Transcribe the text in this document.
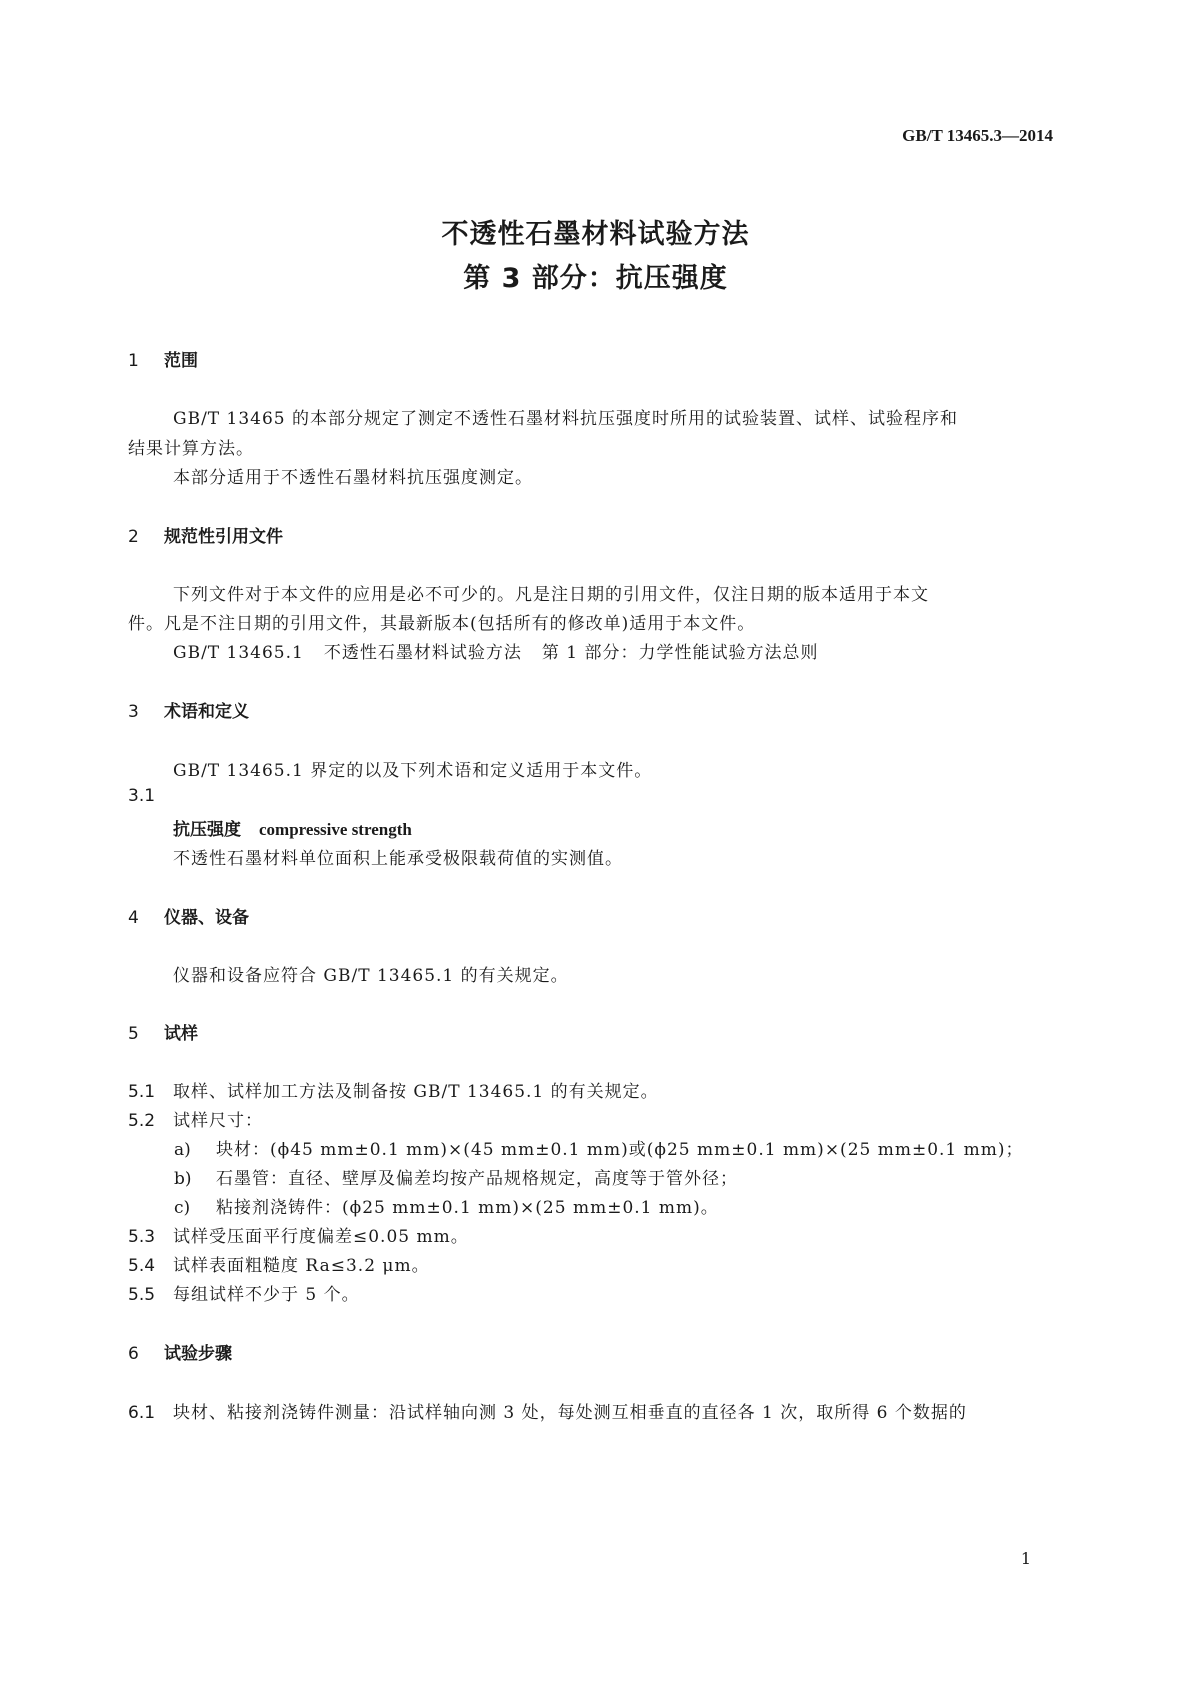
GB/T 13465.3—2014
不透性石墨材料试验方法
第 3 部分：抗压强度
1 范围
GB/T 13465 的本部分规定了测定不透性石墨材料抗压强度时所用的试验装置、试样、试验程序和
结果计算方法。
本部分适用于不透性石墨材料抗压强度测定。
2 规范性引用文件
下列文件对于本文件的应用是必不可少的。凡是注日期的引用文件，仅注日期的版本适用于本文
件。凡是不注日期的引用文件，其最新版本(包括所有的修改单)适用于本文件。
GB/T 13465.1 不透性石墨材料试验方法 第 1 部分：力学性能试验方法总则
3 术语和定义
GB/T 13465.1 界定的以及下列术语和定义适用于本文件。
3.1
抗压强度 compressive strength
不透性石墨材料单位面积上能承受极限载荷值的实测值。
4 仪器、设备
仪器和设备应符合 GB/T 13465.1 的有关规定。
5 试样
5.1 取样、试样加工方法及制备按 GB/T 13465.1 的有关规定。
5.2 试样尺寸：
a) 块材：(ϕ45 mm±0.1 mm)×(45 mm±0.1 mm)或(ϕ25 mm±0.1 mm)×(25 mm±0.1 mm)；
b) 石墨管：直径、壁厚及偏差均按产品规格规定，高度等于管外径；
c) 粘接剂浇铸件：(ϕ25 mm±0.1 mm)×(25 mm±0.1 mm)。
5.3 试样受压面平行度偏差≤0.05 mm。
5.4 试样表面粗糙度 Ra≤3.2 μm。
5.5 每组试样不少于 5 个。
6 试验步骤
6.1 块材、粘接剂浇铸件测量：沿试样轴向测 3 处，每处测互相垂直的直径各 1 次，取所得 6 个数据的
1
